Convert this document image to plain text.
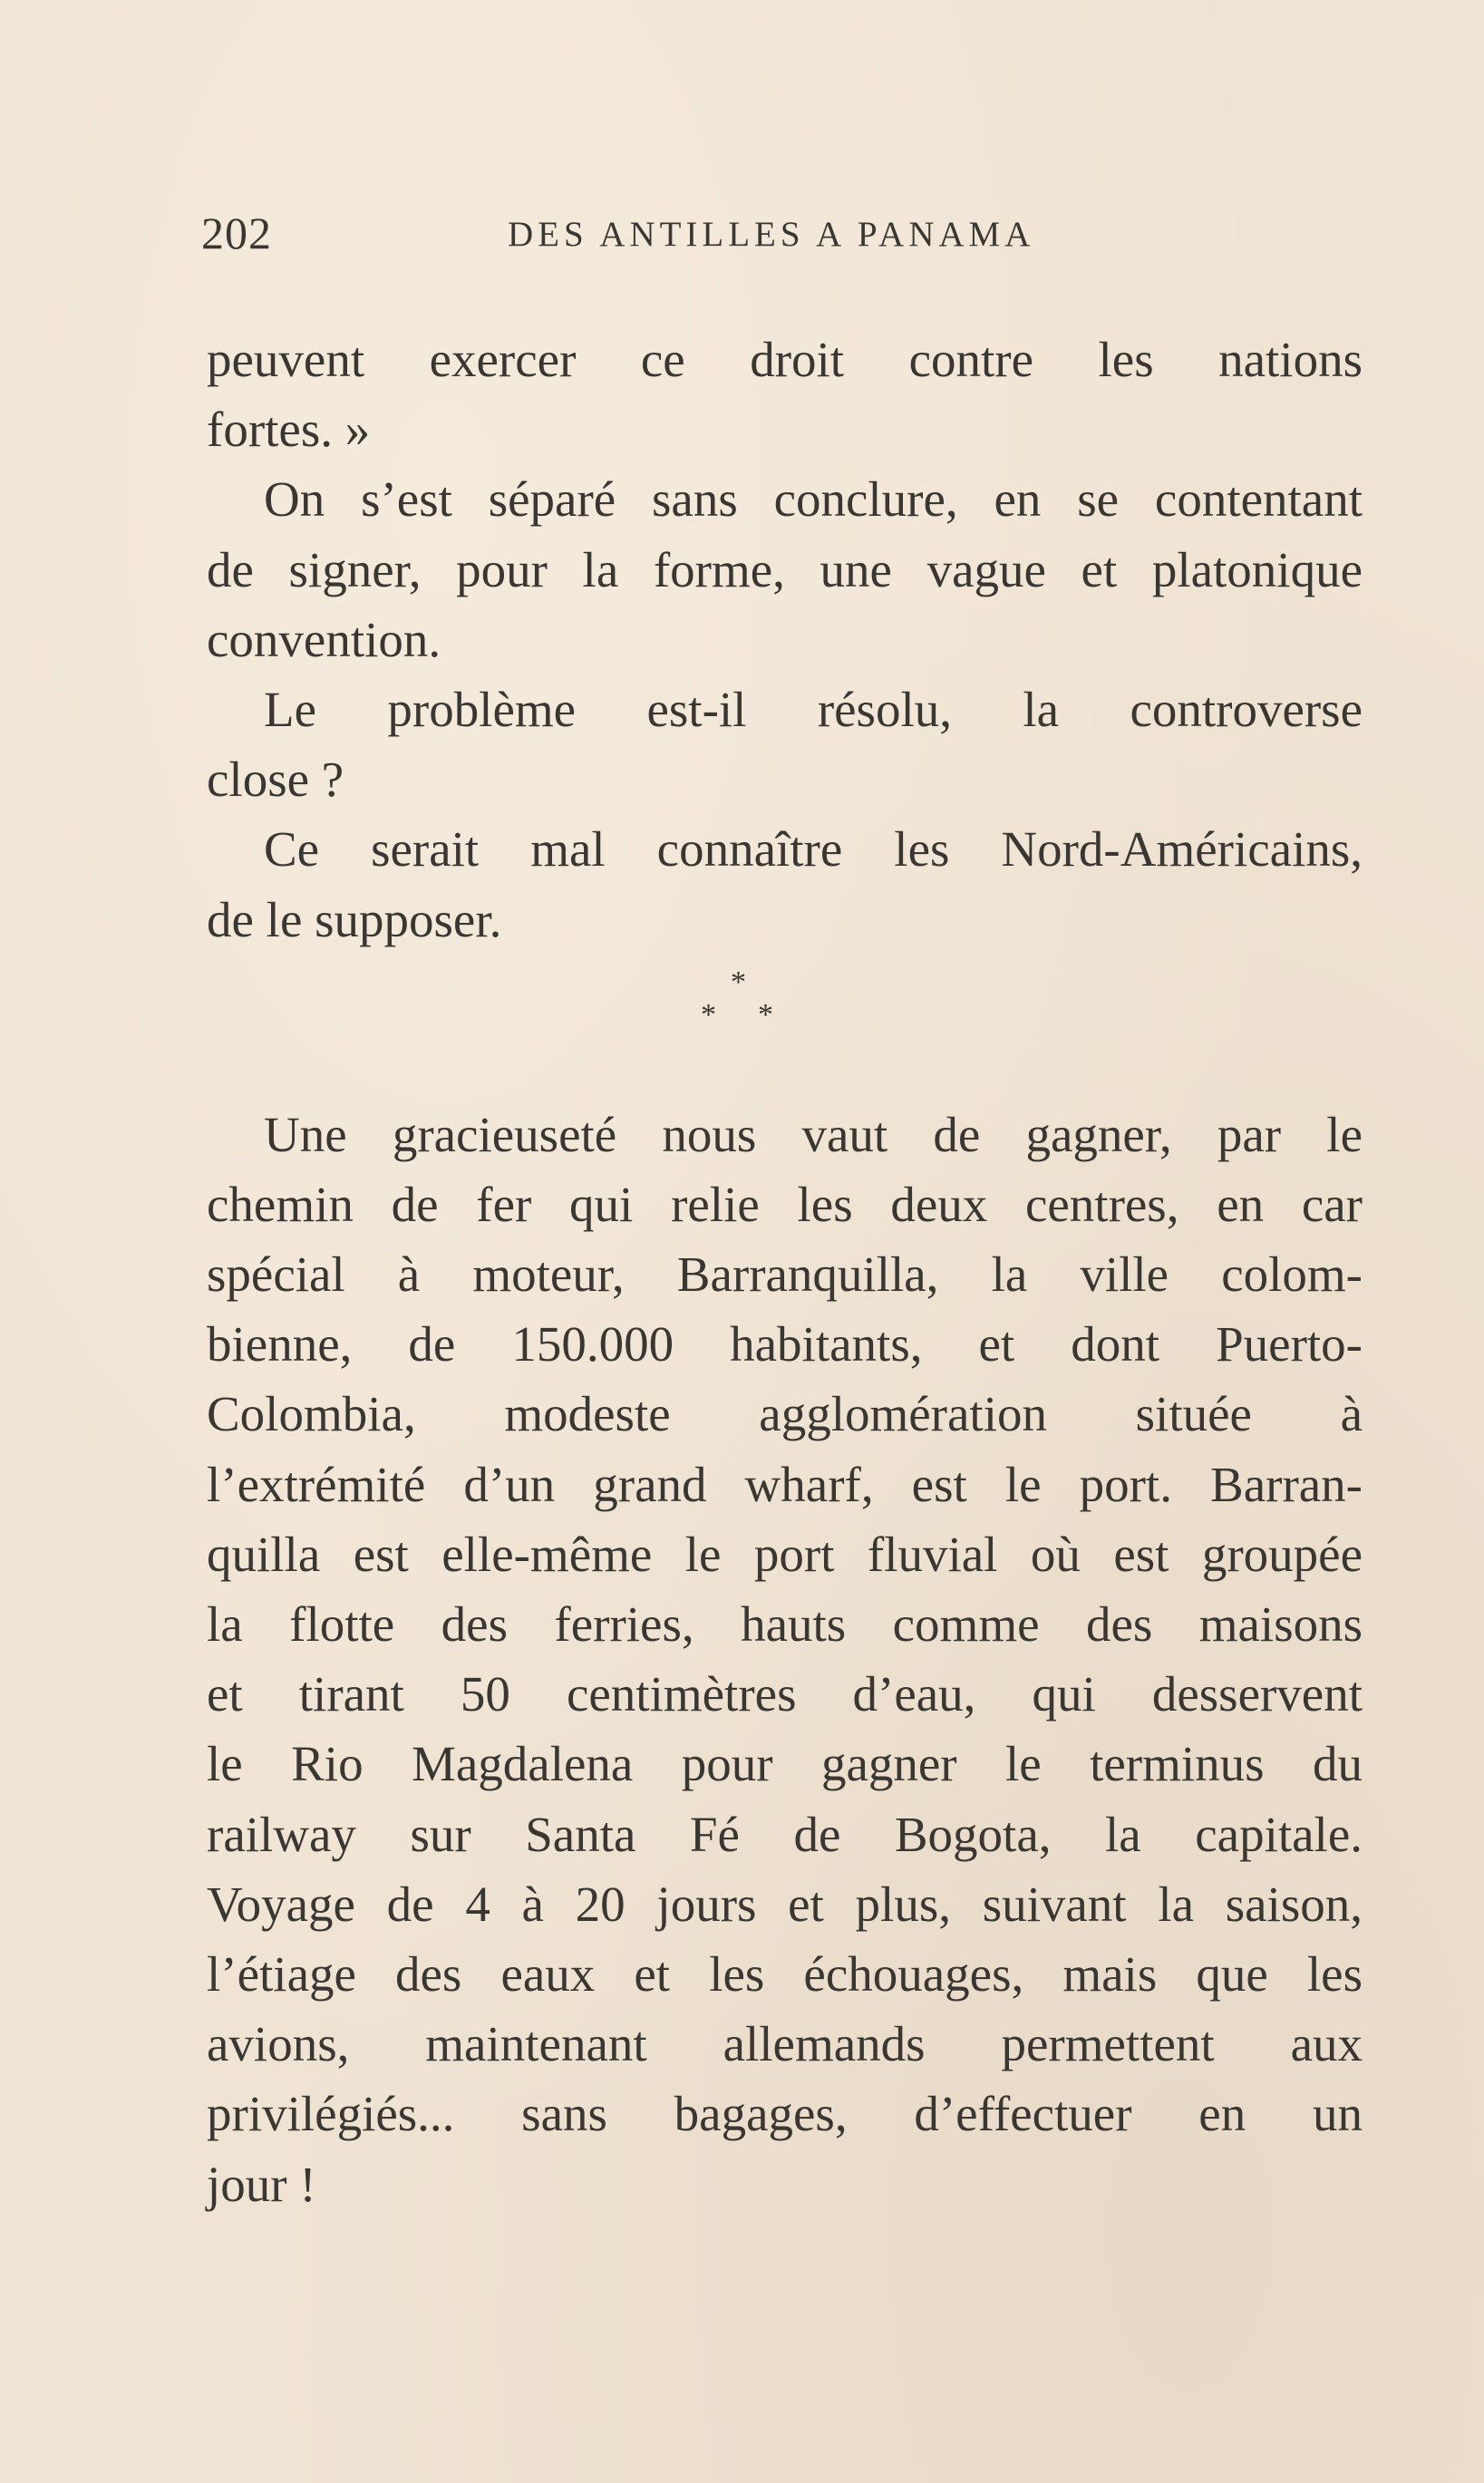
202	DES ANTILLES A PANAMA
peuvent exercer ce droit contre les nations
fortes. »
On s’est séparé sans conclure, en se contentant
de signer, pour la forme, une vague et platonique
convention.
Le problème est-il résolu, la controverse
close ?
Ce serait mal connaître les Nord-Américains,
de le supposer.
*
* *
Une gracieuseté nous vaut de gagner, par le
chemin de fer qui relie les deux centres, en car
spécial à moteur, Barranquilla, la ville colom-
bienne, de 150.000 habitants, et dont Puerto-
Colombia, modeste agglomération située à
l’extrémité d’un grand wharf, est le port. Barran-
quilla est elle-même le port fluvial où est groupée
la flotte des ferries, hauts comme des maisons
et tirant 50 centimètres d’eau, qui desservent
le Rio Magdalena pour gagner le terminus du
railway sur Santa Fé de Bogota, la capitale.
Voyage de 4 à 20 jours et plus, suivant la saison,
l’étiage des eaux et les échouages, mais que les
avions, maintenant allemands permettent aux
privilégiés... sans bagages, d’effectuer en un
jour !
